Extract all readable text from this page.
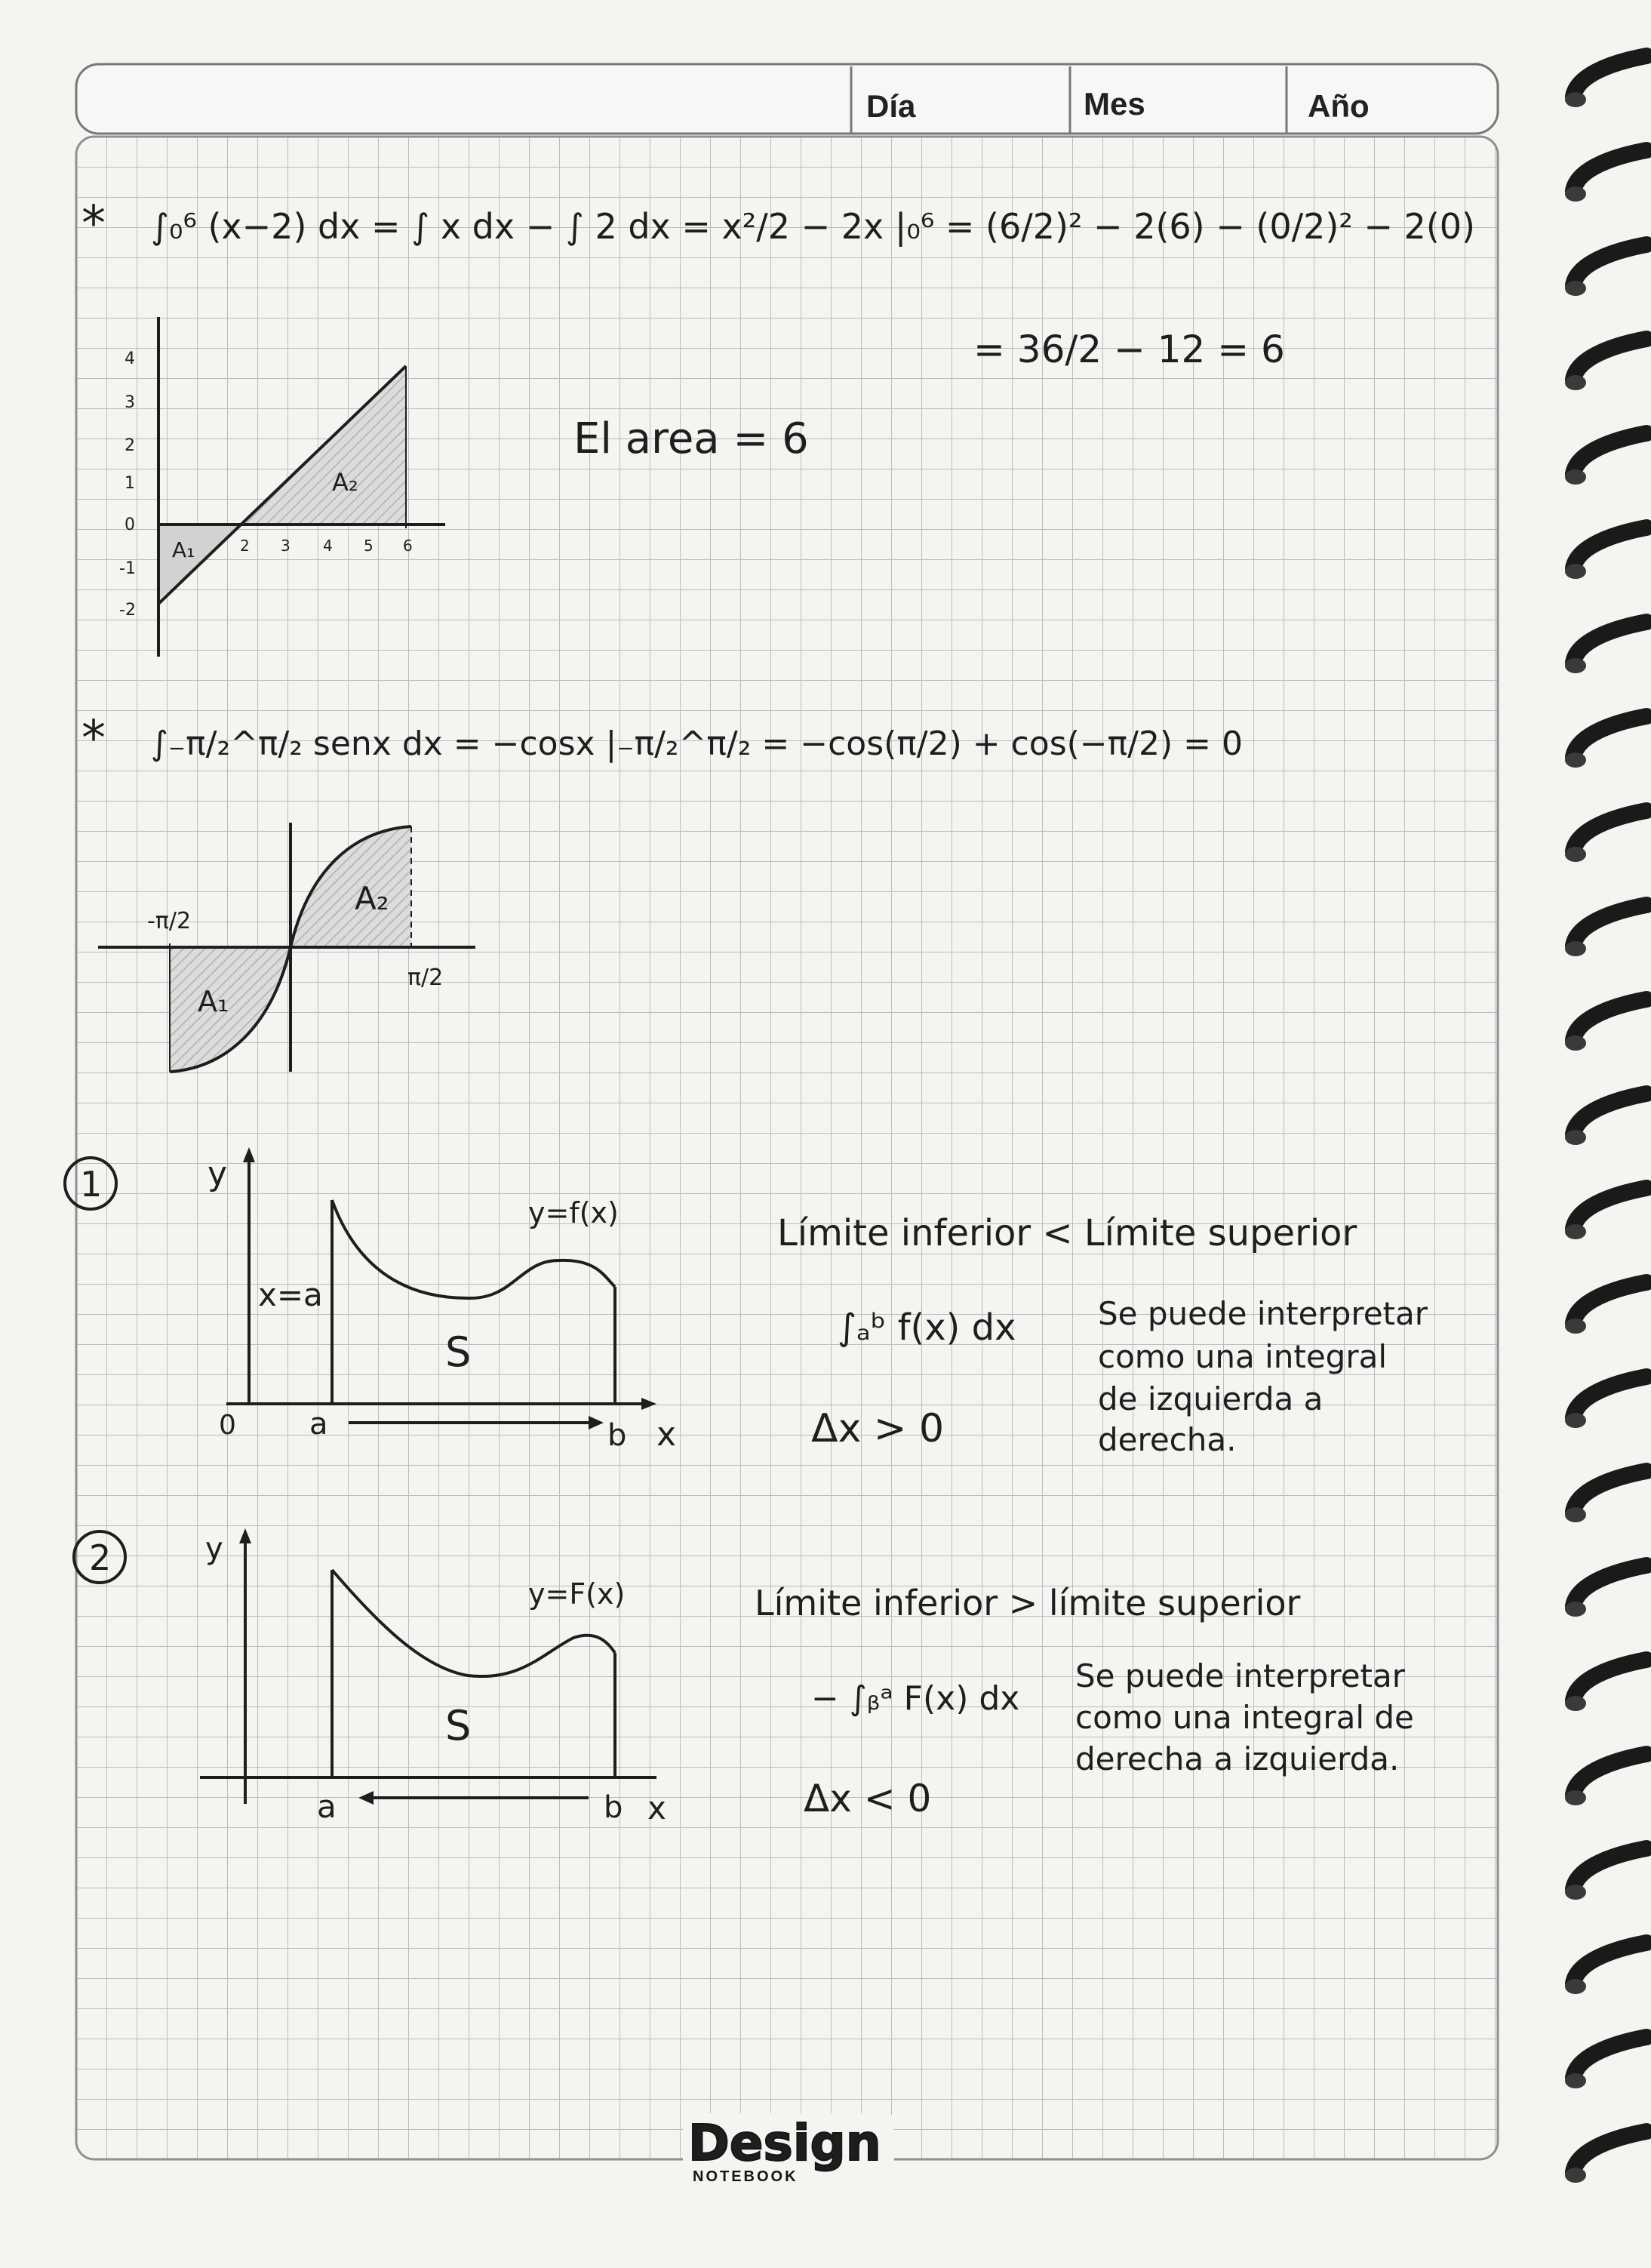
Día	Mes	Año
* ∫₀⁶ (x−2) dx = ∫ x dx − ∫ 2 dx = x²/2 − 2x |₀⁶ = (6/2)² − 2(6) − (0/2)² − 2(0)
= 36/2 − 12 = 6
El area = 6
A₁
A₂
4
3
2
1
0
-1
-2
2 3 4 5 6
* ∫₋π/₂^π/₂ senx dx = −cosx |₋π/₂^π/₂ = −cos(π/2) + cos(−π/2) = 0
-π/2
π/2
A₁
A₂
1	y
0
y=f(x)
x=a
S
a	b x
Límite inferior < Límite superior
∫ₐᵇ f(x) dx
Δx > 0
Se puede interpretar
como una integral
de izquierda a
derecha.
2	y
y=F(x)
S
a	b x
Límite inferior > límite superior
− ∫ᵦᵃ F(x) dx
Δx < 0
Se puede interpretar
como una integral de
derecha a izquierda.
Design
NOTEBOOK
